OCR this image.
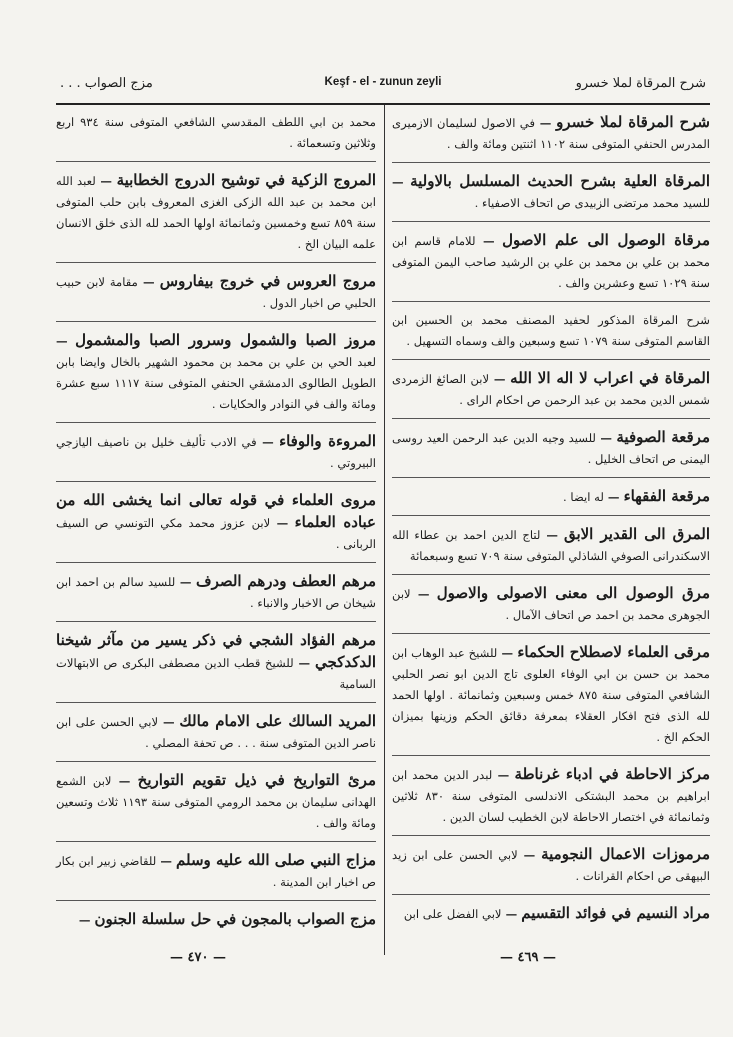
مزج الصواب . . .	Keşf - el - zunun zeyli	شرح المرقاة لملا خسرو

شرح المرقاة لملا خسرو — في الاصول لسليمان الازميرى المدرس الحنفي المتوفى سنة ١١٠٢ اثنتين ومائة والف .

المرقاة العلية بشرح الحديث المسلسل بالاولية — للسيد محمد مرتضى الزبيدى ص اتحاف الاصفياء .

مرقاة الوصول الى علم الاصول — للامام قاسم ابن محمد بن علي بن محمد بن علي بن الرشيد صاحب اليمن المتوفى سنة ١٠٢٩ تسع وعشرين والف .

شرح المرقاة المذكور لحفيد المصنف محمد بن الحسين ابن القاسم المتوفى سنة ١٠٧٩ تسع وسبعين والف وسماه التسهيل .

المرقاة في اعراب لا اله الا الله — لابن الصائغ الزمردى شمس الدين محمد بن عبد الرحمن ص احكام الراى .

مرقعة الصوفية — للسيد وجيه الدين عبد الرحمن العيد روسى اليمنى ص اتحاف الخليل .

مرقعة الفقهاء — له ايضا .

المرق الى القدير الابق — لتاج الدين احمد بن عطاء الله الاسكندرانى الصوفي الشاذلي المتوفى سنة ٧٠٩ تسع وسبعمائة

مرق الوصول الى معنى الاصولى والاصول — لابن الجوهرى محمد بن احمد ص اتحاف الآمال .

مرقى العلماء لاصطلاح الحكماء — للشيخ عبد الوهاب ابن محمد بن حسن بن ابي الوفاء العلوى تاج الدين ابو نصر الحلبي الشافعي المتوفى سنة ٨٧٥ خمس وسبعين وثمانمائة . اولها الحمد لله الذى فتح افكار العقلاء بمعرفة دقائق الحكم وزينها بميزان الحكم الخ .

مركز الاحاطة في ادباء غرناطة — لبدر الدين محمد ابن ابراهيم بن محمد البشتكى الاندلسى المتوفى سنة ٨٣٠ ثلاثين وثمانمائة في اختصار الاحاطة لابن الخطيب لسان الدين .

مرموزات الاعمال النجومية — لابي الحسن على ابن زيد البيهقى ص احكام القرانات .

مراد النسيم في فوائد التقسيم — لابي الفضل على ابن

محمد بن ابي اللطف المقدسي الشافعي المتوفى سنة ٩٣٤ اربع وثلاثين وتسعمائة .

المروج الزكية في توشيح الدروج الخطابية — لعبد الله ابن محمد بن عبد الله الزكى الغزى المعروف بابن حلب المتوفى سنة ٨٥٩ تسع وخمسين وثمانمائة اولها الحمد لله الذى خلق الانسان علمه البيان الخ .

مروج العروس في خروج بيفاروس — مقامة لابن حبيب الحلبي ص اخبار الدول .

مروز الصبا والشمول وسرور الصبا والمشمول — لعبد الحي بن علي بن محمد بن محمود الشهير بالخال وايضا بابن الطويل الطالوى الدمشقي الحنفي المتوفى سنة ١١١٧ سبع عشرة ومائة والف في النوادر والحكايات .

المروءة والوفاء — في الادب تأليف خليل بن ناصيف اليازجي البيروتي .

مروى العلماء في قوله تعالى انما يخشى الله من عباده العلماء — لابن عزوز محمد مكي التونسي ص السيف الربانى .

مرهم العطف ودرهم الصرف — للسيد سالم بن احمد ابن شيخان ص الاخبار والانباء .

مرهم الفؤاد الشجي في ذكر يسير من مآثر شيخنا الدكدكجي — للشيخ قطب الدين مصطفى البكرى ص الابتهالات السامية

المريد السالك على الامام مالك — لابي الحسن على ابن ناصر الدين المتوفى سنة . . . ص تحفة المصلي .

مرئ التواريخ في ذيل تقويم التواريخ — لابن الشمع الهدانى سليمان بن محمد الرومي المتوفى سنة ١١٩٣ ثلاث وتسعين ومائة والف .

مزاج النبي صلى الله عليه وسلم — للقاضي زبير ابن بكار ص اخبار ابن المدينة .

مزج الصواب بالمجون في حل سلسلة الجنون —

— ٤٧٠ —	— ٤٦٩ —
